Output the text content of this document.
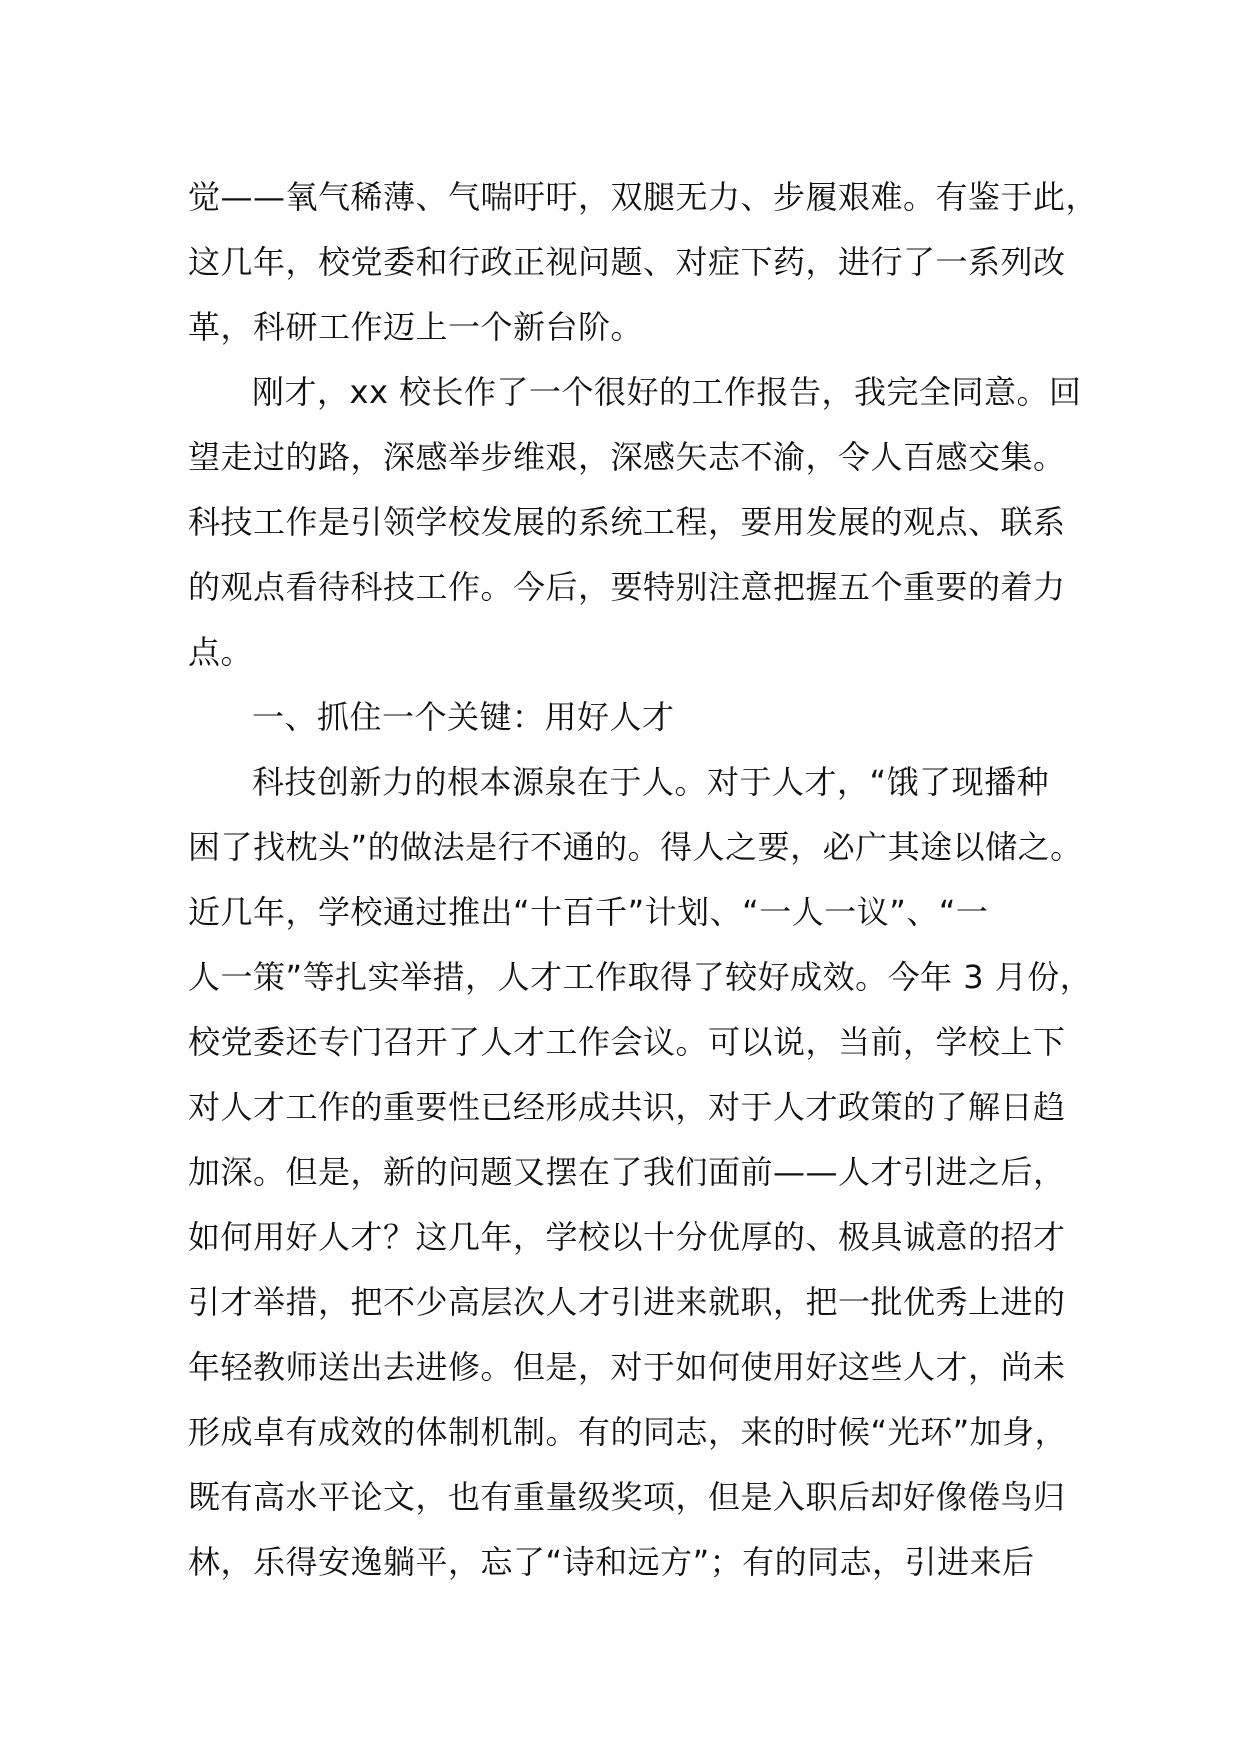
觉——氧气稀薄、气喘吁吁，双腿无力、步履艰难。有鉴于此，
这几年，校党委和行政正视问题、对症下药，进行了一系列改
革，科研工作迈上一个新台阶。
刚才，xx 校长作了一个很好的工作报告，我完全同意。回
望走过的路，深感举步维艰，深感矢志不渝，令人百感交集。
科技工作是引领学校发展的系统工程，要用发展的观点、联系
的观点看待科技工作。今后，要特别注意把握五个重要的着力
点。
一、抓住一个关键：用好人才
科技创新力的根本源泉在于人。对于人才，“饿了现播种
困了找枕头”的做法是行不通的。得人之要，必广其途以储之。
近几年，学校通过推出“十百千”计划、“一人一议”、“一
人一策”等扎实举措，人才工作取得了较好成效。今年 3 月份，
校党委还专门召开了人才工作会议。可以说，当前，学校上下
对人才工作的重要性已经形成共识，对于人才政策的了解日趋
加深。但是，新的问题又摆在了我们面前——人才引进之后，
如何用好人才？这几年，学校以十分优厚的、极具诚意的招才
引才举措，把不少高层次人才引进来就职，把一批优秀上进的
年轻教师送出去进修。但是，对于如何使用好这些人才，尚未
形成卓有成效的体制机制。有的同志，来的时候“光环”加身，
既有高水平论文，也有重量级奖项，但是入职后却好像倦鸟归
林，乐得安逸躺平，忘了“诗和远方”；有的同志，引进来后
